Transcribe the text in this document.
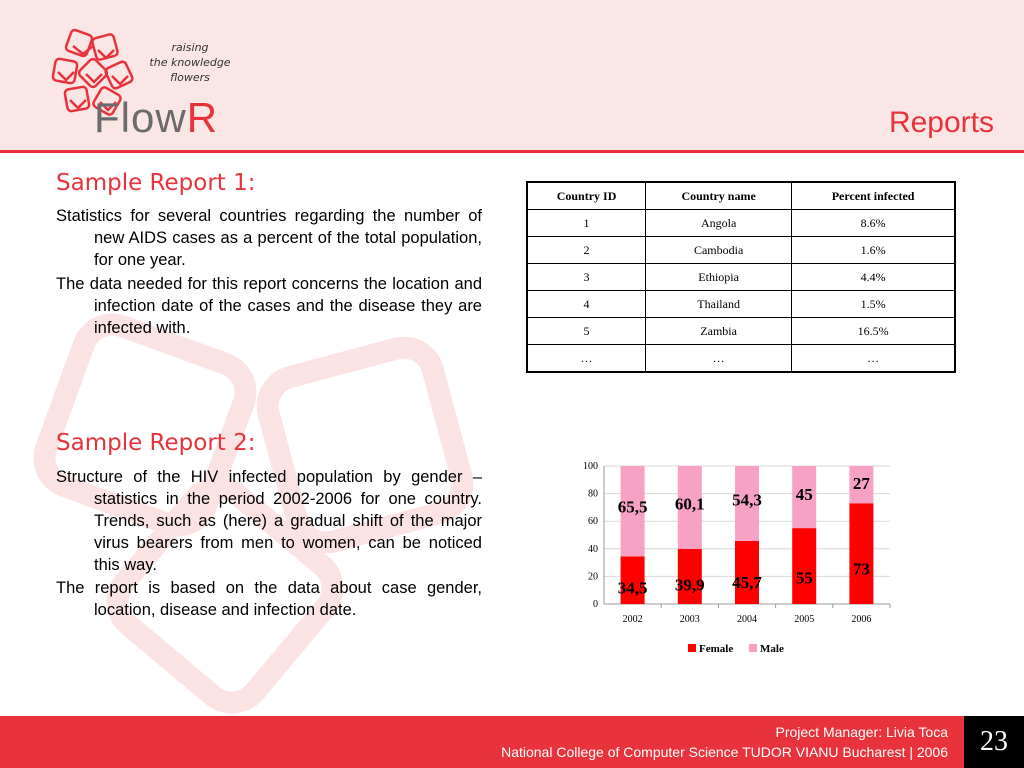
raising
the knowledge
flowers
FlowR	Reports
Sample Report 1:
Statistics for several countries regarding the number of new AIDS cases as a percent of the total population, for one year.
The data needed for this report concerns the location and infection date of the cases and the disease they are infected with.
Country ID	Country name	Percent infected
1	Angola	8.6%
2	Cambodia	1.6%
3	Ethiopia	4.4%
4	Thailand	1.5%
5	Zambia	16.5%
…	…	…
Sample Report 2:
Structure of the HIV infected population by gender – statistics in the period 2002-2006 for one country. Trends, such as (here) a gradual shift of the major virus bearers from men to women, can be noticed this way.
The report is based on the data about case gender, location, disease and infection date.	0
20
40
60
80
100
34,5
65,5
2002
39,9
60,1
2003
45,7
54,3
2004
55
45
2005
73
27
2006
Female Male
Project Manager: Livia Toca
National College of Computer Science TUDOR VIANU Bucharest | 2006	23
